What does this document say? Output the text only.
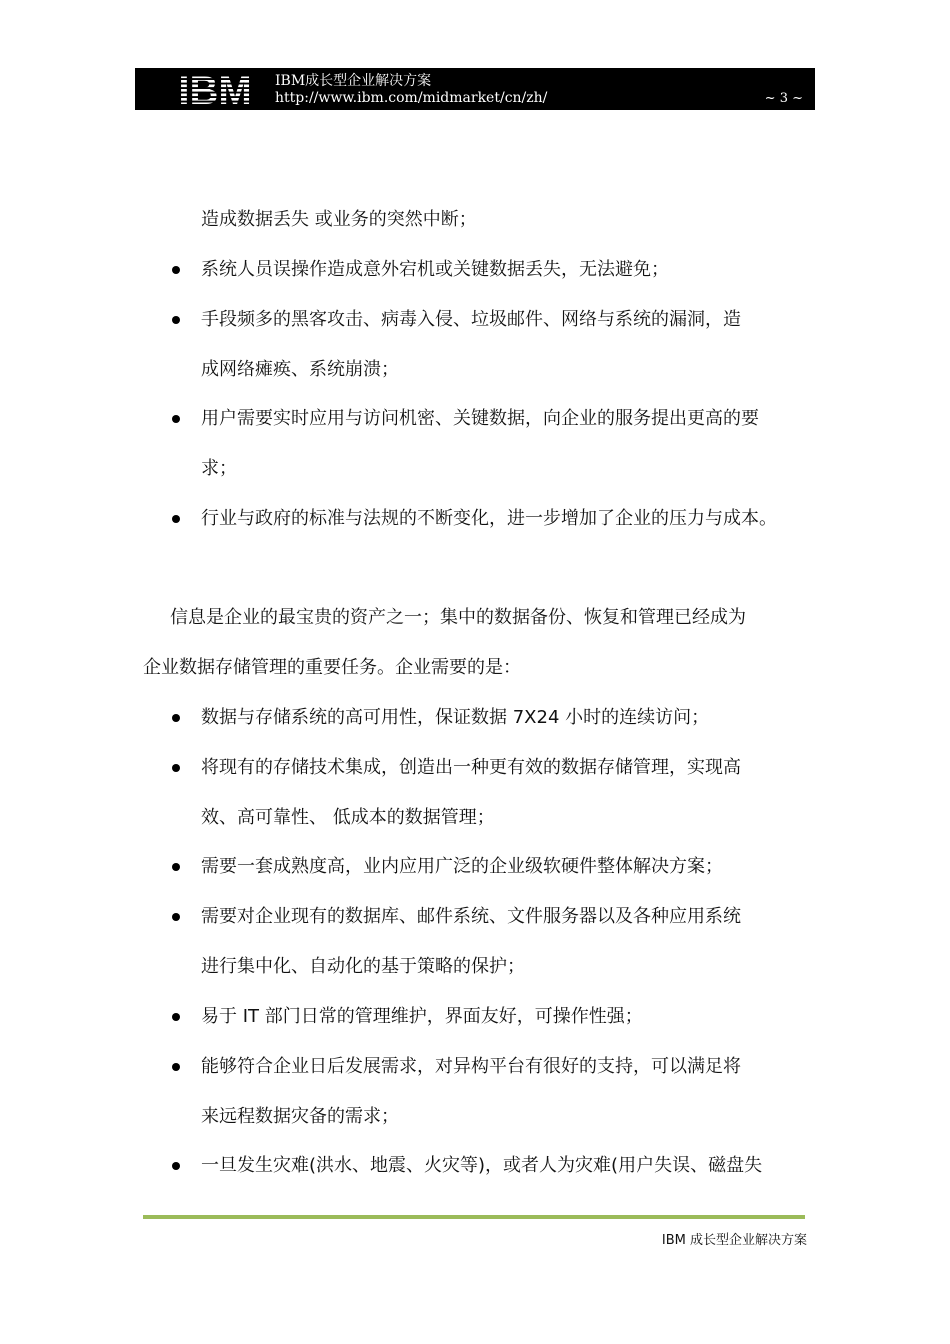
IBM IBM成长型企业解决方案
http://www.ibm.com/midmarket/cn/zh/	~ 3 ~
造成数据丢失 或业务的突然中断；
系统人员误操作造成意外宕机或关键数据丢失，无法避免；
手段频多的黑客攻击、病毒入侵、垃圾邮件、网络与系统的漏洞，造
成网络瘫痪、系统崩溃；
用户需要实时应用与访问机密、关键数据，向企业的服务提出更高的要
求；
行业与政府的标准与法规的不断变化，进一步增加了企业的压力与成本。
信息是企业的最宝贵的资产之一；集中的数据备份、恢复和管理已经成为
企业数据存储管理的重要任务。企业需要的是：
数据与存储系统的高可用性，保证数据 7X24 小时的连续访问；
将现有的存储技术集成，创造出一种更有效的数据存储管理，实现高
效、高可靠性、 低成本的数据管理；
需要一套成熟度高，业内应用广泛的企业级软硬件整体解决方案；
需要对企业现有的数据库、邮件系统、文件服务器以及各种应用系统
进行集中化、自动化的基于策略的保护；
易于 IT 部门日常的管理维护，界面友好，可操作性强；
能够符合企业日后发展需求，对异构平台有很好的支持，可以满足将
来远程数据灾备的需求；
一旦发生灾难(洪水、地震、火灾等)，或者人为灾难(用户失误、磁盘失
IBM 成长型企业解决方案
